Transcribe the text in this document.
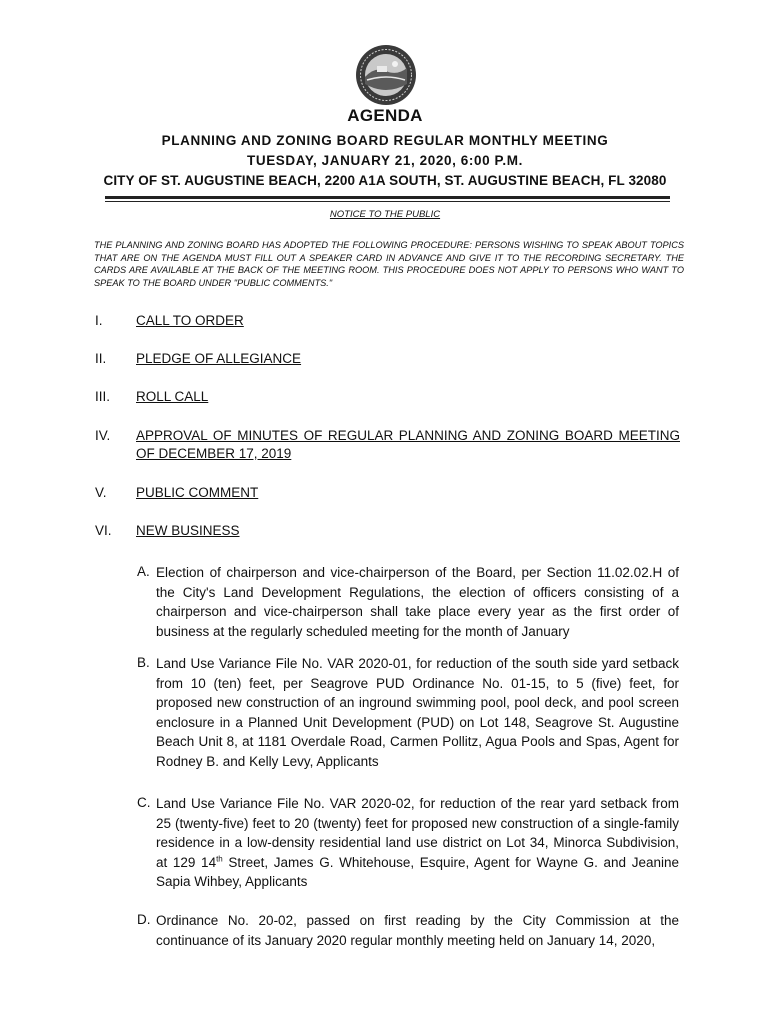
AGENDA
PLANNING AND ZONING BOARD REGULAR MONTHLY MEETING
TUESDAY, JANUARY 21, 2020, 6:00 P.M.
CITY OF ST. AUGUSTINE BEACH, 2200 A1A SOUTH, ST. AUGUSTINE BEACH, FL 32080
NOTICE TO THE PUBLIC
THE PLANNING AND ZONING BOARD HAS ADOPTED THE FOLLOWING PROCEDURE: PERSONS WISHING TO SPEAK ABOUT TOPICS THAT ARE ON THE AGENDA MUST FILL OUT A SPEAKER CARD IN ADVANCE AND GIVE IT TO THE RECORDING SECRETARY. THE CARDS ARE AVAILABLE AT THE BACK OF THE MEETING ROOM. THIS PROCEDURE DOES NOT APPLY TO PERSONS WHO WANT TO SPEAK TO THE BOARD UNDER "PUBLIC COMMENTS."
I. CALL TO ORDER
II. PLEDGE OF ALLEGIANCE
III. ROLL CALL
IV. APPROVAL OF MINUTES OF REGULAR PLANNING AND ZONING BOARD MEETING OF DECEMBER 17, 2019
V. PUBLIC COMMENT
VI. NEW BUSINESS
A. Election of chairperson and vice-chairperson of the Board, per Section 11.02.02.H of the City's Land Development Regulations, the election of officers consisting of a chairperson and vice-chairperson shall take place every year as the first order of business at the regularly scheduled meeting for the month of January
B. Land Use Variance File No. VAR 2020-01, for reduction of the south side yard setback from 10 (ten) feet, per Seagrove PUD Ordinance No. 01-15, to 5 (five) feet, for proposed new construction of an inground swimming pool, pool deck, and pool screen enclosure in a Planned Unit Development (PUD) on Lot 148, Seagrove St. Augustine Beach Unit 8, at 1181 Overdale Road, Carmen Pollitz, Agua Pools and Spas, Agent for Rodney B. and Kelly Levy, Applicants
C. Land Use Variance File No. VAR 2020-02, for reduction of the rear yard setback from 25 (twenty-five) feet to 20 (twenty) feet for proposed new construction of a single-family residence in a low-density residential land use district on Lot 34, Minorca Subdivision, at 129 14th Street, James G. Whitehouse, Esquire, Agent for Wayne G. and Jeanine Sapia Wihbey, Applicants
D. Ordinance No. 20-02, passed on first reading by the City Commission at the continuance of its January 2020 regular monthly meeting held on January 14, 2020,
